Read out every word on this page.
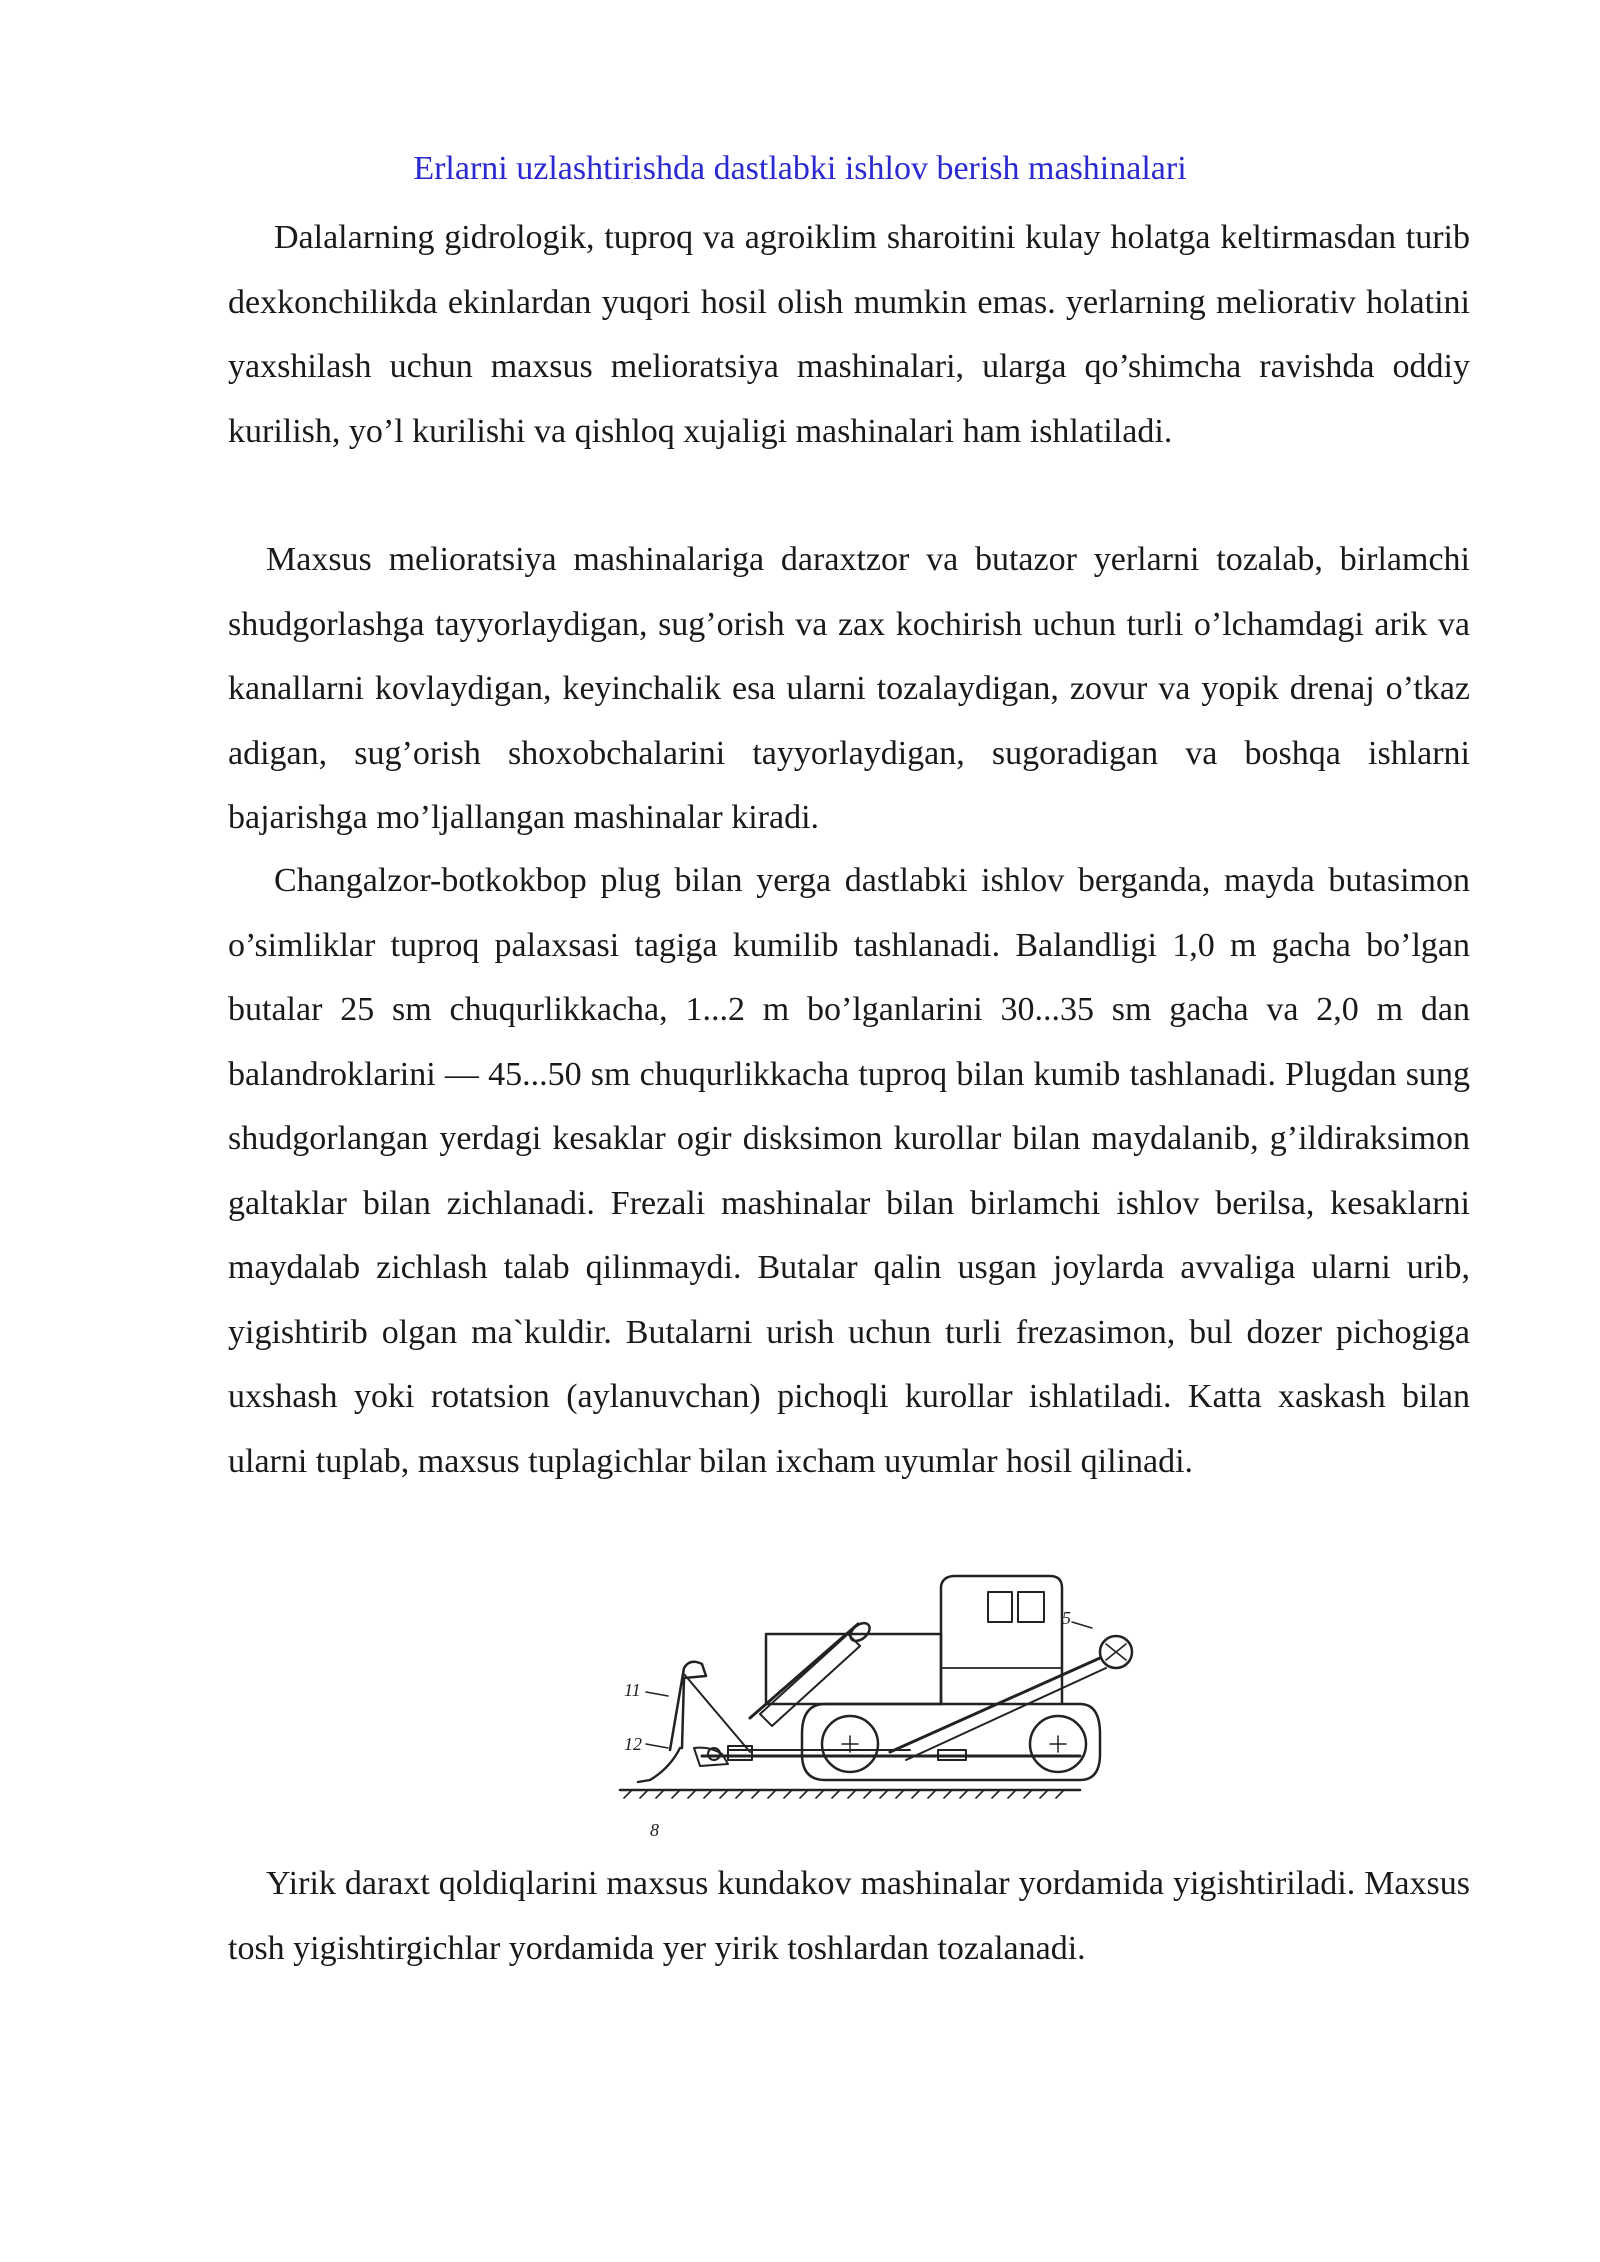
Erlarni uzlashtirishda dastlabki ishlov berish mashinalari

Dalalarning gidrologik, tuproq va agroiklim sharoitini kulay holatga keltirmasdan turib dexkonchilikda ekinlardan yuqori hosil olish mumkin emas. yerlarning meliorativ holatini yaxshilash uchun maxsus melioratsiya mashinalari, ularga qo’shimcha ravishda oddiy kurilish, yo’l kurilishi va qishloq xujaligi mashinalari ham ishlatiladi.

Maxsus melioratsiya mashinalariga daraxtzor va butazor yerlarni tozalab, birlamchi shudgorlashga tayyorlaydigan, sug’orish va zax kochirish uchun turli o’lchamdagi arik va kanallarni kovlaydigan, keyinchalik esa ularni tozalaydigan, zovur va yopik drenaj o’tkaz adigan, sug’orish shoxobchalarini tayyorlaydigan, sugoradigan va boshqa ishlarni bajarishga mo’ljallangan mashinalar kiradi.

Changalzor-botkokbop plug bilan yerga dastlabki ishlov berganda, mayda butasimon o’simliklar tuproq palaxsasi tagiga kumilib tashlanadi. Balandligi 1,0 m gacha bo’lgan butalar 25 sm chuqurlikkacha, 1...2 m bo’lganlarini 30...35 sm gacha va 2,0 m dan balandroklarini — 45...50 sm chuqurlikkacha tuproq bilan kumib tashlanadi. Plugdan sung shudgorlangan yerdagi kesaklar ogir disksimon kurollar bilan maydalanib, g’ildiraksimon galtaklar bilan zichlanadi. Frezali mashinalar bilan birlamchi ishlov berilsa, kesaklarni maydalab zichlash talab qilinmaydi. Butalar qalin usgan joylarda avvaliga ularni urib, yigishtirib olgan ma`kuldir. Butalarni urish uchun turli frezasimon, bul dozer pichogiga uxshash yoki rotatsion (aylanuvchan) pichoqli kurollar ishlatiladi. Katta xaskash bilan ularni tuplab, maxsus tuplagichlar bilan ixcham uyumlar hosil qilinadi.

11
12
5
8

Yirik daraxt qoldiqlarini maxsus kundakov mashinalar yordamida yigishtiriladi. Maxsus tosh yigishtirgichlar yordamida yer yirik toshlardan tozalanadi.
